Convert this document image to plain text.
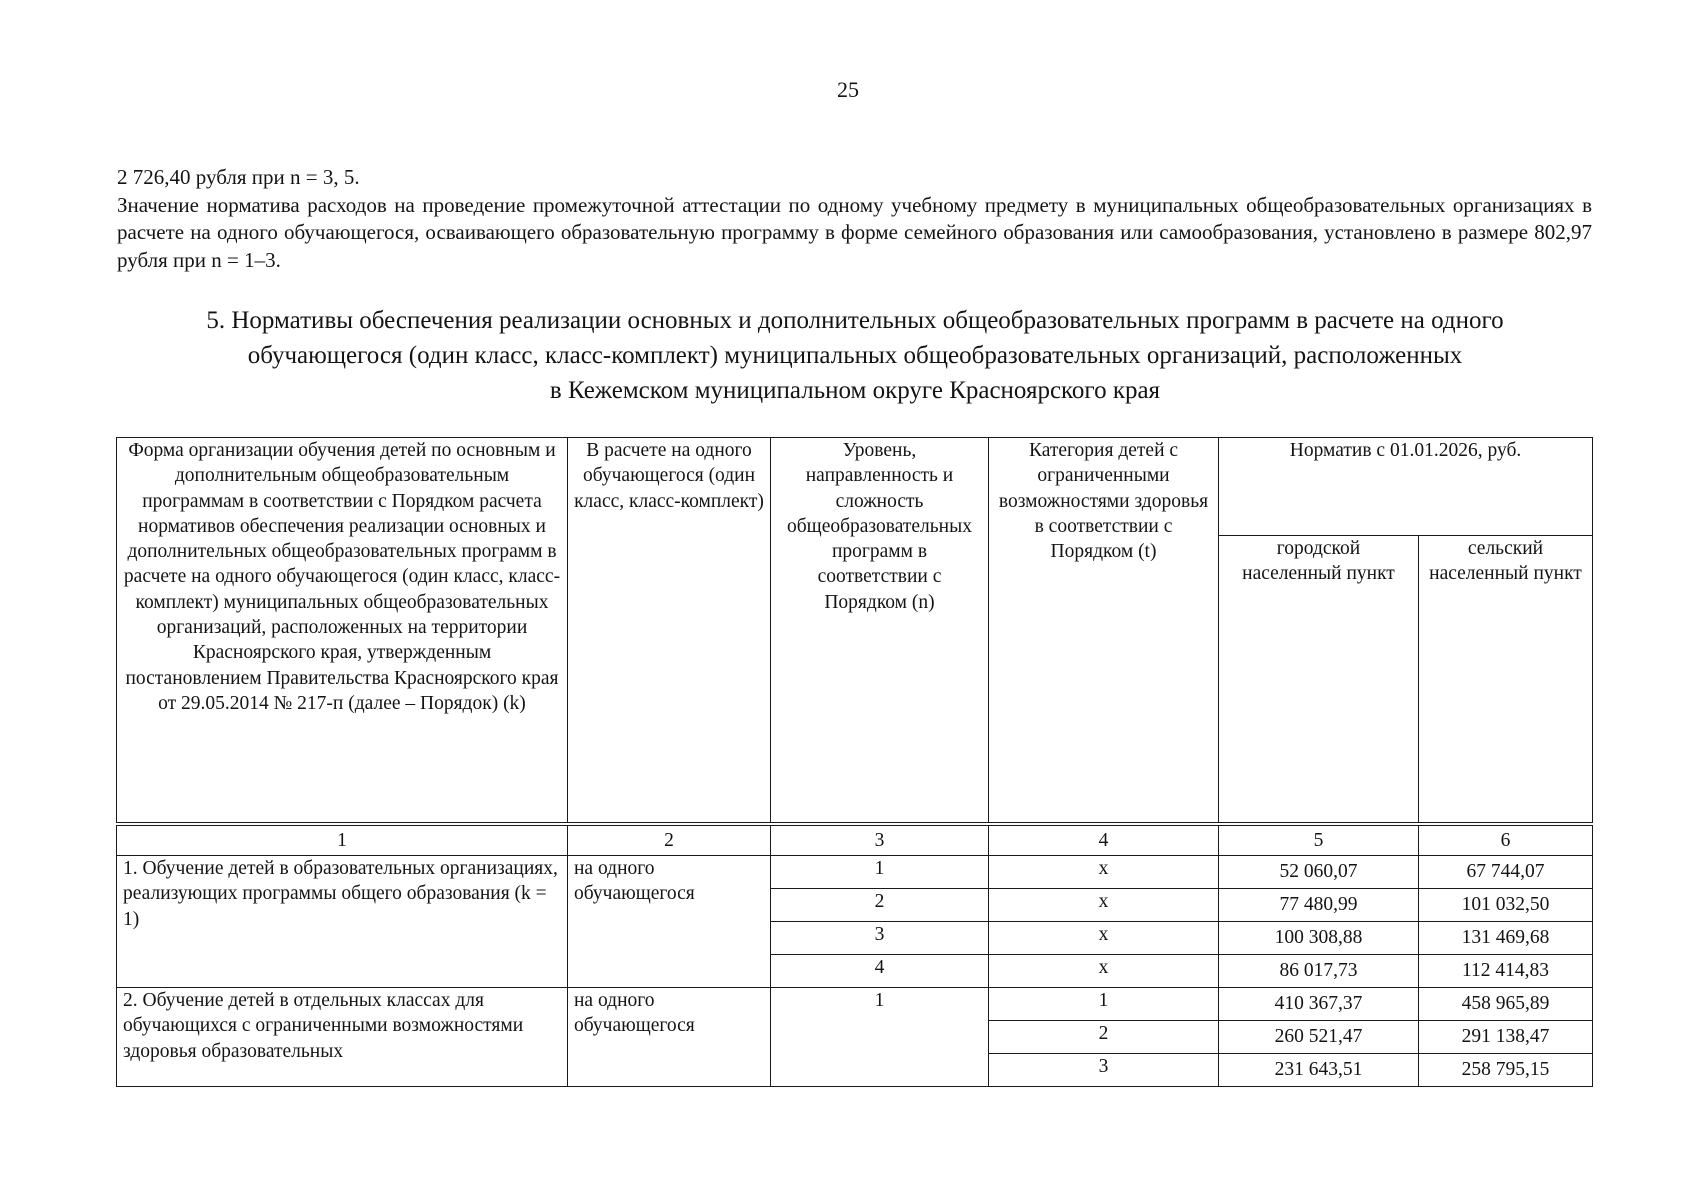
25

2 726,40 рубля при n = 3, 5.

Значение норматива расходов на проведение промежуточной аттестации по одному учебному предмету в муниципальных общеобразовательных организациях в расчете на одного обучающегося, осваивающего образовательную программу в форме семейного образования или самообразования, установлено в размере 802,97 рубля при n = 1–3.

5. Нормативы обеспечения реализации основных и дополнительных общеобразовательных программ в расчете на одного
обучающегося (один класс, класс-комплект) муниципальных общеобразовательных организаций, расположенных
в Кежемском муниципальном округе Красноярского края
Форма организации обучения детей по основным и дополнительным общеобразовательным программам в соответствии с Порядком расчета нормативов обеспечения реализации основных и дополнительных общеобразовательных программ в расчете на одного обучающегося (один класс, класс-комплект) муниципальных общеобразовательных организаций, расположенных на территории Красноярского края, утвержденным постановлением Правительства Красноярского края от 29.05.2014 № 217-п (далее – Порядок) (k)	В расчете на одного обучающегося (один класс, класс-комплект)	Уровень, направленность и сложность общеобразовательных программ в соответствии с Порядком (n)	Категория детей с ограниченными возможностями здоровья в соответствии с Порядком (t)	Норматив с 01.01.2026, руб.	
				городской населенный пункт	сельский населенный пункт
1	2	3	4	5	6
1. Обучение детей в образовательных организациях, реализующих программы общего образования (k = 1)	на одного обучающегося	1	х	52 060,07	67 744,07
		2	х	77 480,99	101 032,50
		3	х	100 308,88	131 469,68
		4	х	86 017,73	112 414,83
2. Обучение детей в отдельных классах для обучающихся с ограниченными возможностями здоровья образовательных	на одного обучающегося	1	1	410 367,37	458 965,89
			2	260 521,47	291 138,47
			3	231 643,51	258 795,15
